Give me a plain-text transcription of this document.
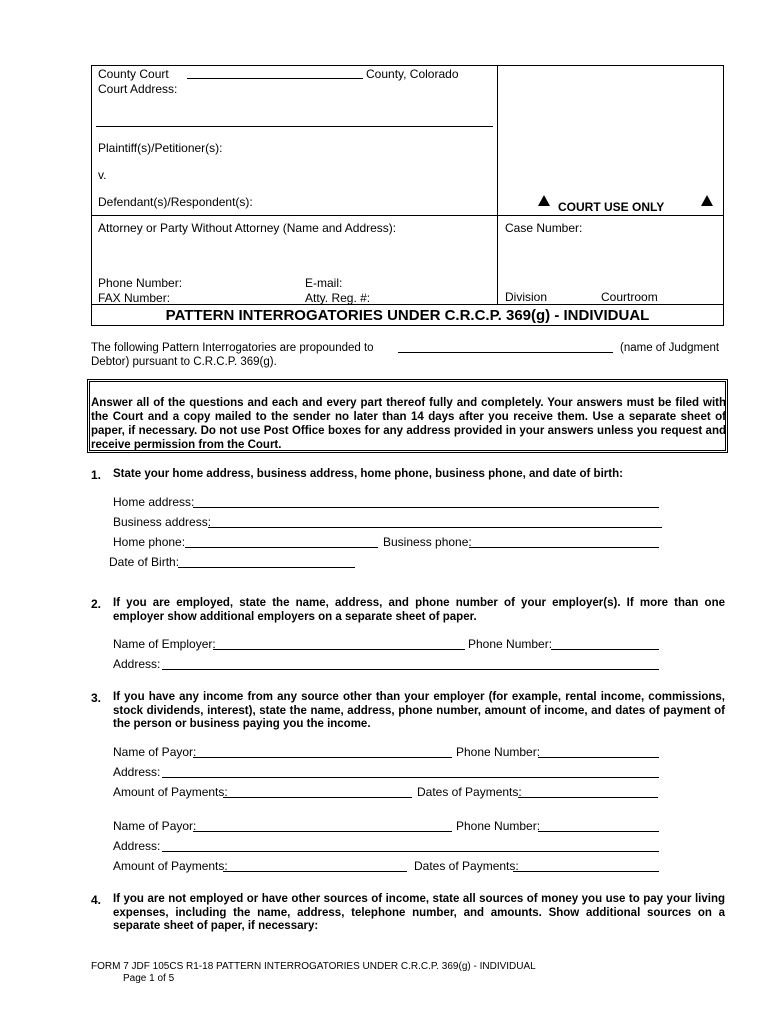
County Court	County, Colorado
Court Address:
Plaintiff(s)/Petitioner(s):
v.
Defendant(s)/Respondent(s):	COURT USE ONLY
Attorney or Party Without Attorney (Name and Address):	Case Number:
Phone Number:	E-mail:
FAX Number:	Atty. Reg. #:	Division	Courtroom
PATTERN INTERROGATORIES UNDER C.R.C.P. 369(g) - INDIVIDUAL
The following Pattern Interrogatories are propounded to	(name of Judgment
Debtor) pursuant to C.R.C.P. 369(g).
Answer all of the questions and each and every part thereof fully and completely. Your answers must be filed with the Court and a copy mailed to the sender no later than 14 days after you receive them. Use a separate sheet of paper, if necessary. Do not use Post Office boxes for any address provided in your answers unless you request and receive permission from the Court.
1. State your home address, business address, home phone, business phone, and date of birth:
Home address:
Business address:
Home phone:	Business phone:
Date of Birth:
2. If you are employed, state the name, address, and phone number of your employer(s). If more than one employer show additional employers on a separate sheet of paper.
Name of Employer:	Phone Number:
Address:
3. If you have any income from any source other than your employer (for example, rental income, commissions, stock dividends, interest), state the name, address, phone number, amount of income, and dates of payment of the person or business paying you the income.
Name of Payor:	Phone Number:
Address:
Amount of Payments:	Dates of Payments:
Name of Payor:	Phone Number:
Address:
Amount of Payments:	Dates of Payments:
4. If you are not employed or have other sources of income, state all sources of money you use to pay your living expenses, including the name, address, telephone number, and amounts. Show additional sources on a separate sheet of paper, if necessary:
FORM 7 JDF 105CS R1-18 PATTERN INTERROGATORIES UNDER C.R.C.P. 369(g) - INDIVIDUAL
Page 1 of 5
